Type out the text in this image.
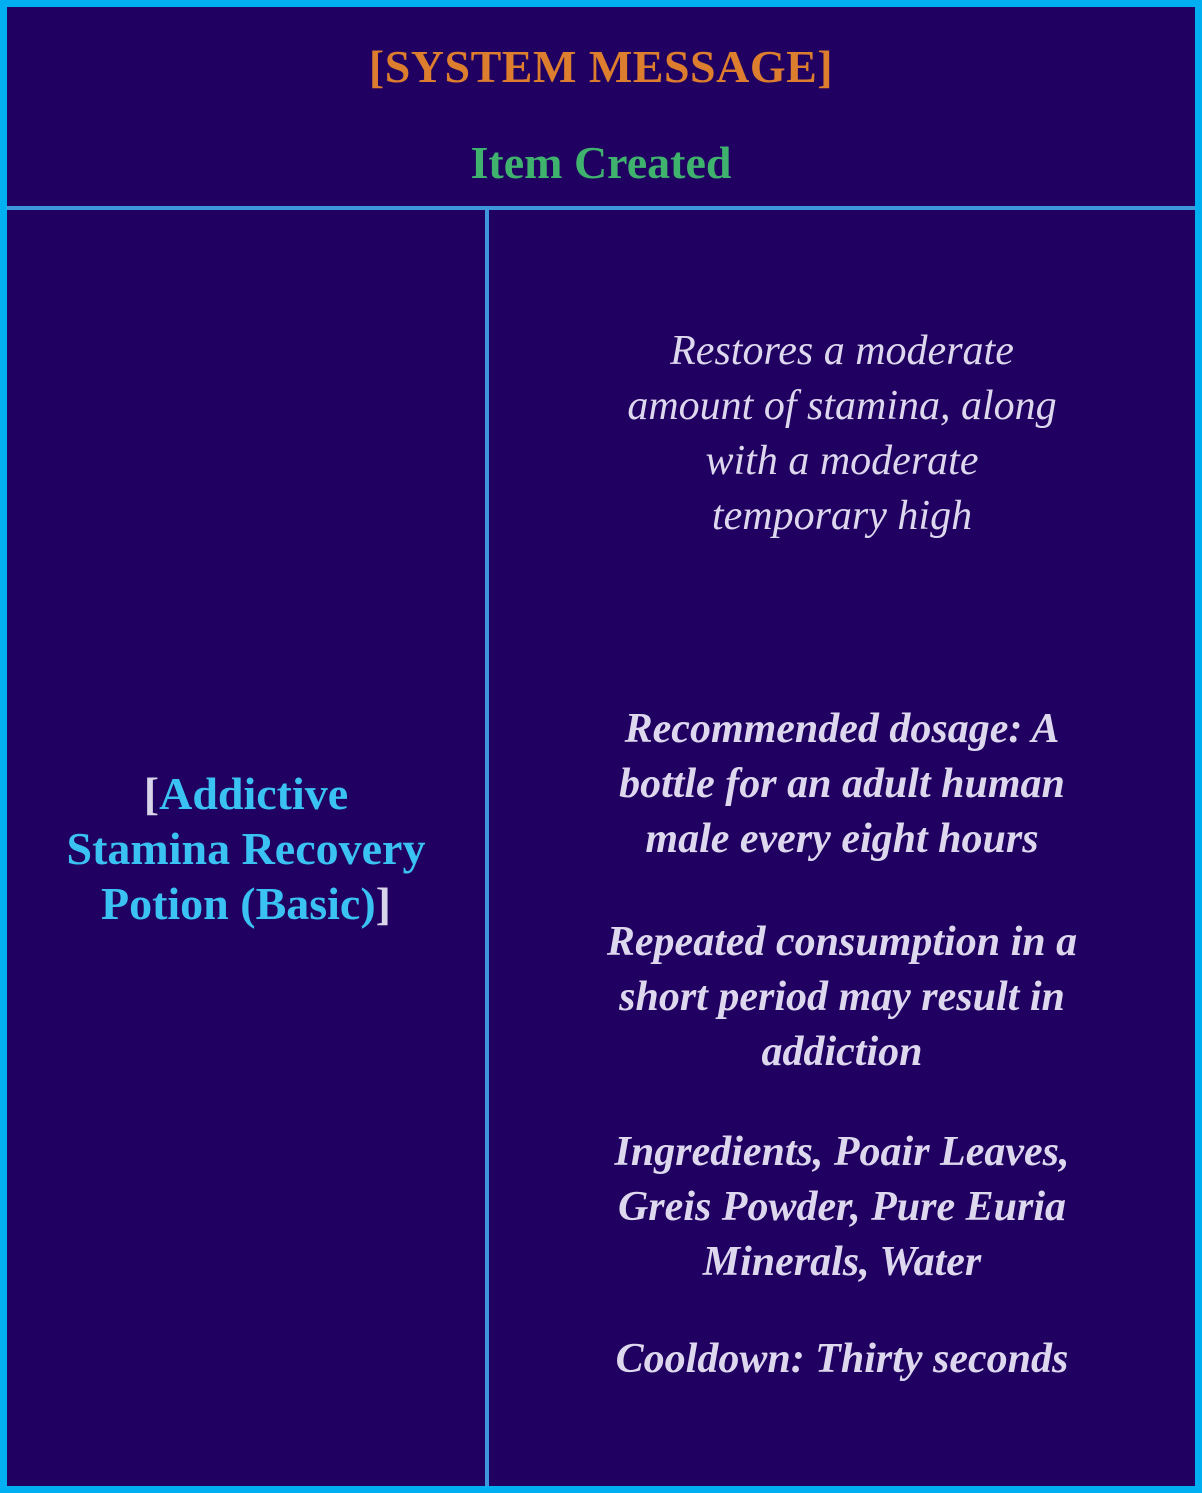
[SYSTEM MESSAGE]
Item Created
[Addictive
Stamina Recovery
Potion (Basic)]

Restores a moderate
amount of stamina, along
with a moderate
temporary high

Recommended dosage: A
bottle for an adult human
male every eight hours

Repeated consumption in a
short period may result in
addiction

Ingredients, Poair Leaves,
Greis Powder, Pure Euria
Minerals, Water

Cooldown: Thirty seconds
